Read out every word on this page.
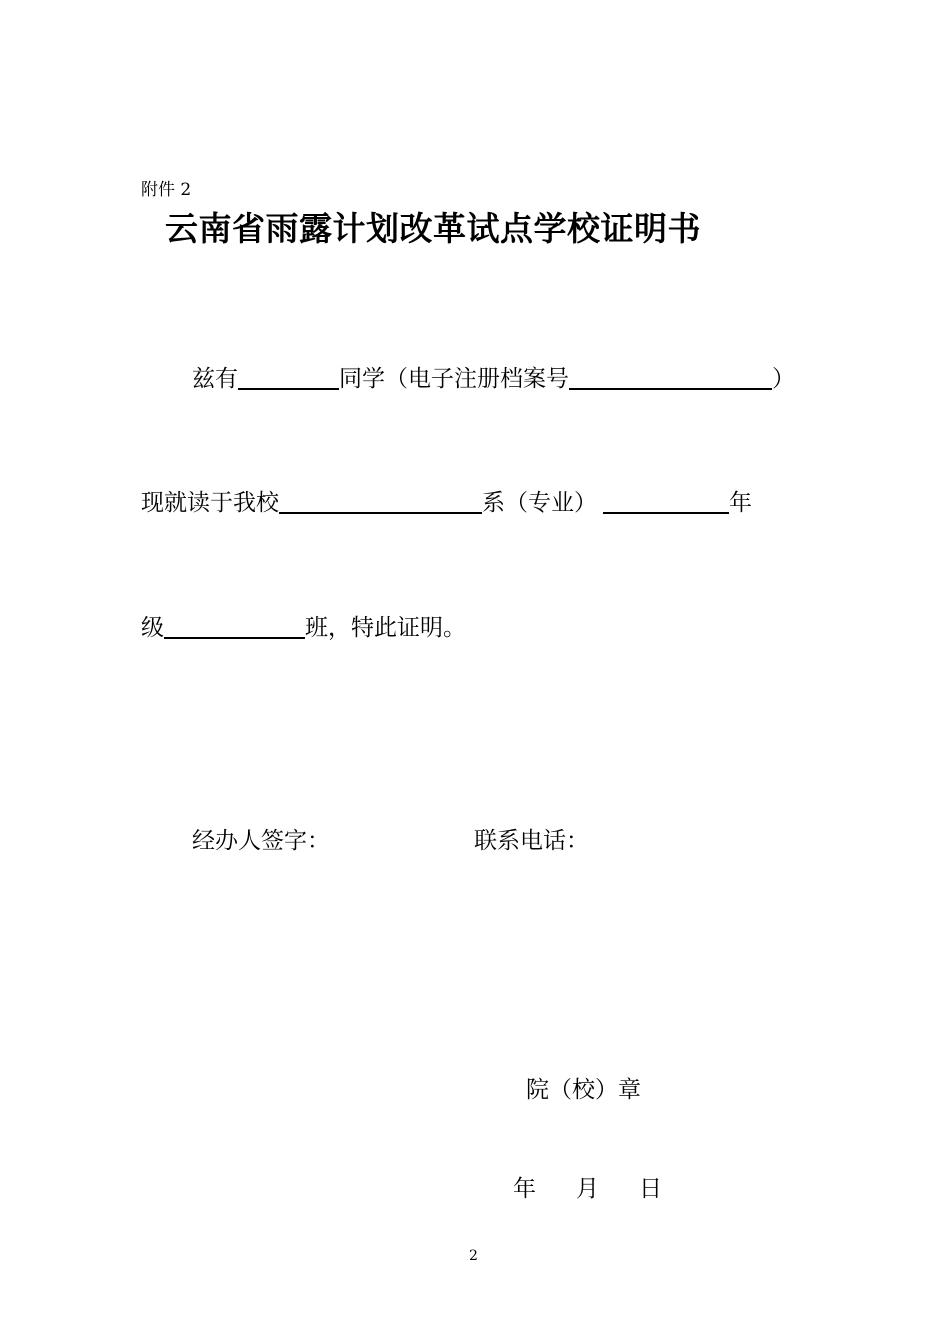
附件 2
云南省雨露计划改革试点学校证明书
兹有	同学（电子注册档案号	）
现就读于我校	系（专业）	年
级	班，特此证明。
经办人签字：	联系电话：
院（校）章
年 月 日
2
